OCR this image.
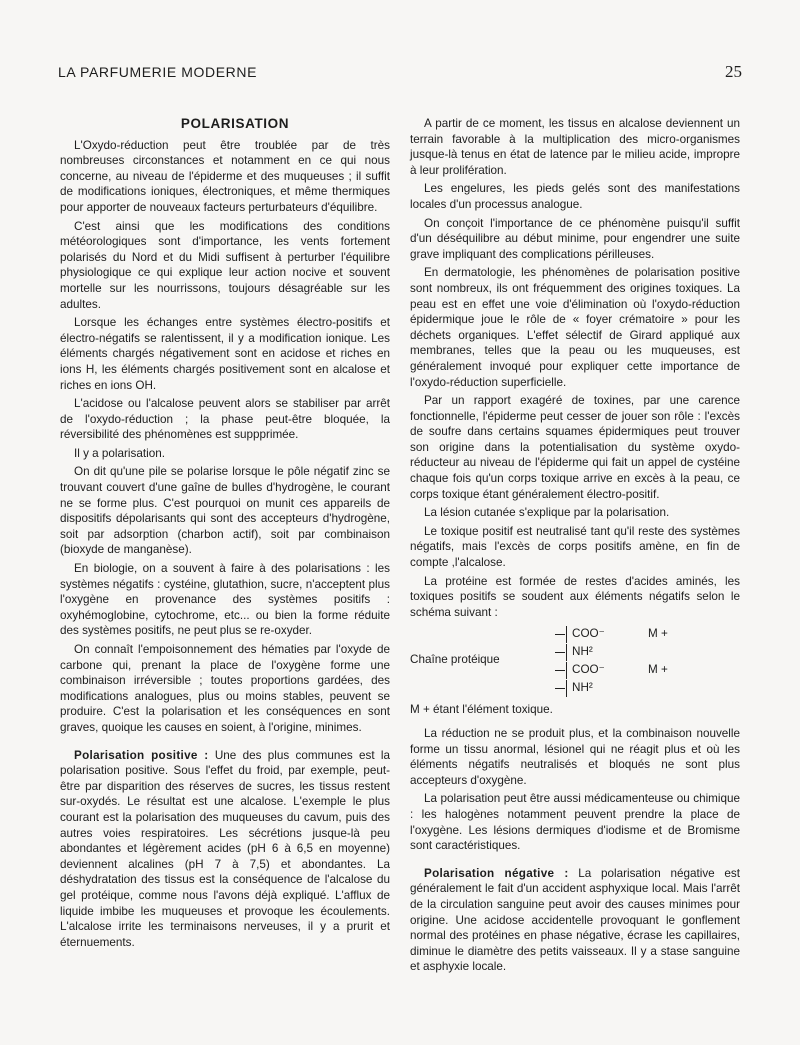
LA PARFUMERIE MODERNE	25
POLARISATION

L'Oxydo-réduction peut être troublée par de très nombreuses circonstances et notamment en ce qui nous concerne, au niveau de l'épiderme et des muqueuses ; il suffit de modifications ioniques, électroniques, et même thermiques pour apporter de nouveaux facteurs perturbateurs d'équilibre.

C'est ainsi que les modifications des conditions météorologiques sont d'importance, les vents fortement polarisés du Nord et du Midi suffisent à perturber l'équilibre physiologique ce qui explique leur action nocive et souvent mortelle sur les nourrissons, toujours désagréable sur les adultes.

Lorsque les échanges entre systèmes électro-positifs et électro-négatifs se ralentissent, il y a modification ionique. Les éléments chargés négativement sont en acidose et riches en ions H, les éléments chargés positivement sont en alcalose et riches en ions OH.

L'acidose ou l'alcalose peuvent alors se stabiliser par arrêt de l'oxydo-réduction ; la phase peut-être bloquée, la réversibilité des phénomènes est suppprimée.

Il y a polarisation.

On dit qu'une pile se polarise lorsque le pôle négatif zinc se trouvant couvert d'une gaîne de bulles d'hydrogène, le courant ne se forme plus. C'est pourquoi on munit ces appareils de dispositifs dépolarisants qui sont des accepteurs d'hydrogène, soit par adsorption (charbon actif), soit par combinaison (bioxyde de manganèse).

En biologie, on a souvent à faire à des polarisations : les systèmes négatifs : cystéine, glutathion, sucre, n'acceptent plus l'oxygène en provenance des systèmes positifs : oxyhémoglobine, cytochrome, etc... ou bien la forme réduite des systèmes positifs, ne peut plus se re-oxyder.

On connaît l'empoisonnement des hématies par l'oxyde de carbone qui, prenant la place de l'oxygène forme une combinaison irréversible ; toutes proportions gardées, des modifications analogues, plus ou moins stables, peuvent se produire. C'est la polarisation et les conséquences en sont graves, quoique les causes en soient, à l'origine, minimes.

Polarisation positive : Une des plus communes est la polarisation positive. Sous l'effet du froid, par exemple, peut-être par disparition des réserves de sucres, les tissus restent sur-oxydés. Le résultat est une alcalose. L'exemple le plus courant est la polarisation des muqueuses du cavum, puis des autres voies respiratoires. Les sécrétions jusque-là peu abondantes et légèrement acides (pH 6 à 6,5 en moyenne) deviennent alcalines (pH 7 à 7,5) et abondantes. La déshydratation des tissus est la conséquence de l'alcalose du gel protéique, comme nous l'avons déjà expliqué. L'afflux de liquide imbibe les muqueuses et provoque les écoulements. L'alcalose irrite les terminaisons nerveuses, il y a prurit et éternuements.

A partir de ce moment, les tissus en alcalose deviennent un terrain favorable à la multiplication des micro-organismes jusque-là tenus en état de latence par le milieu acide, impropre à leur prolifération.

Les engelures, les pieds gelés sont des manifestations locales d'un processus analogue.

On conçoit l'importance de ce phénomène puisqu'il suffit d'un déséquilibre au début minime, pour engendrer une suite grave impliquant des complications périlleuses.

En dermatologie, les phénomènes de polarisation positive sont nombreux, ils ont fréquemment des origines toxiques. La peau est en effet une voie d'élimination où l'oxydo-réduction épidermique joue le rôle de « foyer crématoire » pour les déchets organiques. L'effet sélectif de Girard appliqué aux membranes, telles que la peau ou les muqueuses, est généralement invoqué pour expliquer cette importance de l'oxydo-réduction superficielle.

Par un rapport exagéré de toxines, par une carence fonctionnelle, l'épiderme peut cesser de jouer son rôle : l'excès de soufre dans certains squames épidermiques peut trouver son origine dans la potentialisation du système oxydo-réducteur au niveau de l'épiderme qui fait un appel de cystéine chaque fois qu'un corps toxique arrive en excès à la peau, ce corps toxique étant généralement électro-positif.

La lésion cutanée s'explique par la polarisation.

Le toxique positif est neutralisé tant qu'il reste des systèmes négatifs, mais l'excès de corps positifs amène, en fin de compte ,l'alcalose.

La protéine est formée de restes d'acides aminés, les toxiques positifs se soudent aux éléments négatifs selon le schéma suivant :

Chaîne protéique
COO⁻	M +
NH²
COO⁻	M +
NH²
M + étant l'élément toxique.

La réduction ne se produit plus, et la combinaison nouvelle forme un tissu anormal, lésionel qui ne réagit plus et où les éléments négatifs neutralisés et bloqués ne sont plus accepteurs d'oxygène.

La polarisation peut être aussi médicamenteuse ou chimique : les halogènes notamment peuvent prendre la place de l'oxygène. Les lésions dermiques d'iodisme et de Bromisme sont caractéristiques.

Polarisation négative : La polarisation négative est généralement le fait d'un accident asphyxique local. Mais l'arrêt de la circulation sanguine peut avoir des causes minimes pour origine. Une acidose accidentelle provoquant le gonflement normal des protéines en phase négative, écrase les capillaires, diminue le diamètre des petits vaisseaux. Il y a stase sanguine et asphyxie locale.
